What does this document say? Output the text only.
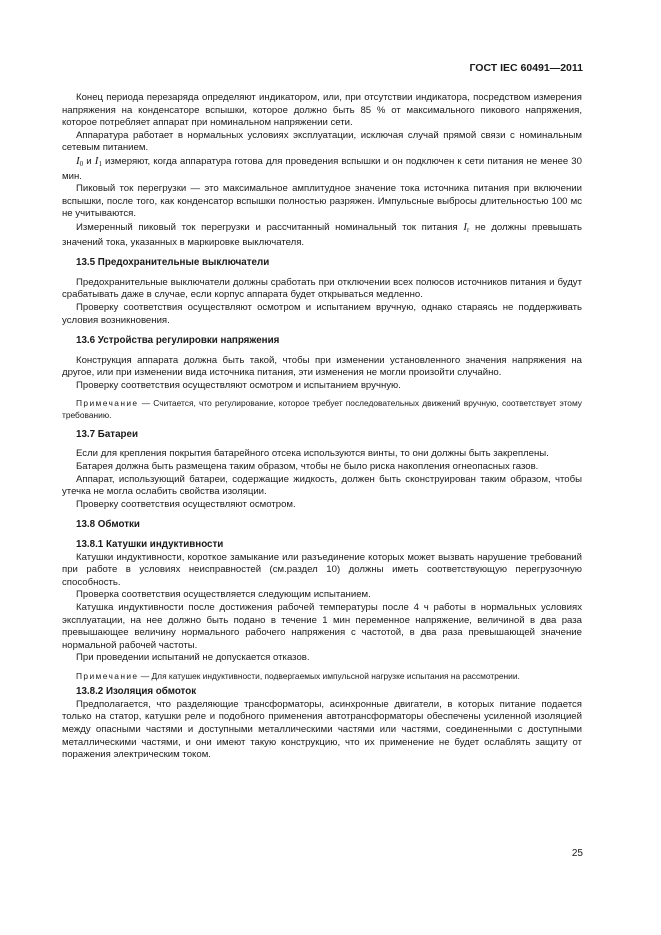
ГОСТ IEC 60491—2011

Конец периода перезаряда определяют индикатором, или, при отсутствии индикатора, посредством измерения напряжения на конденсаторе вспышки, которое должно быть 85 % от максимального пикового напряжения, которое потребляет аппарат при номинальном напряжении сети.

Аппаратура работает в нормальных условиях эксплуатации, исключая случай прямой связи с номинальным сетевым питанием.

$I_0$ и $I_1$ измеряют, когда аппаратура готова для проведения вспышки и он подключен к сети питания не менее 30 мин.

Пиковый ток перегрузки — это максимальное амплитудное значение тока источника питания при включении вспышки, после того, как конденсатор вспышки полностью разряжен. Импульсные выбросы длительностью 100 мс не учитываются.

Измеренный пиковый ток перегрузки и рассчитанный номинальный ток питания $I_r$ не должны превышать значений тока, указанных в маркировке выключателя.

13.5 Предохранительные выключатели

Предохранительные выключатели должны сработать при отключении всех полюсов источников питания и будут срабатывать даже в случае, если корпус аппарата будет открываться медленно.

Проверку соответствия осуществляют осмотром и испытанием вручную, однако стараясь не поддерживать условия возникновения.

13.6 Устройства регулировки напряжения

Конструкция аппарата должна быть такой, чтобы при изменении установленного значения напряжения на другое, или при изменении вида источника питания, эти изменения не могли произойти случайно.

Проверку соответствия осуществляют осмотром и испытанием вручную.

Примечание — Считается, что регулирование, которое требует последовательных движений вручную, соответствует этому требованию.

13.7 Батареи

Если для крепления покрытия батарейного отсека используются винты, то они должны быть закреплены.

Батарея должна быть размещена таким образом, чтобы не было риска накопления огнеопасных газов.

Аппарат, использующий батареи, содержащие жидкость, должен быть сконструирован таким образом, чтобы утечка не могла ослабить свойства изоляции.

Проверку соответствия осуществляют осмотром.

13.8 Обмотки
13.8.1 Катушки индуктивности

Катушки индуктивности, короткое замыкание или разъединение которых может вызвать нарушение требований при работе в условиях неисправностей (см.раздел 10) должны иметь соответствующую перегрузочную способность.

Проверка соответствия осуществляется следующим испытанием.

Катушка индуктивности после достижения рабочей температуры после 4 ч работы в нормальных условиях эксплуатации, на нее должно быть подано в течение 1 мин переменное напряжение, величиной в два раза превышающее величину нормального рабочего напряжения с частотой, в два раза превышающей значение нормальной рабочей частоты.

При проведении испытаний не допускается отказов.

Примечание — Для катушек индуктивности, подвергаемых импульсной нагрузке испытания на рассмотрении.

13.8.2 Изоляция обмоток

Предполагается, что разделяющие трансформаторы, асинхронные двигатели, в которых питание подается только на статор, катушки реле и подобного применения автотрансформаторы обеспечены усиленной изоляцией между опасными частями и доступными металлическими частями или частями, соединенными с доступными металлическими частями, и они имеют такую конструкцию, что их применение не будет ослаблять защиту от поражения электрическим током.

25
